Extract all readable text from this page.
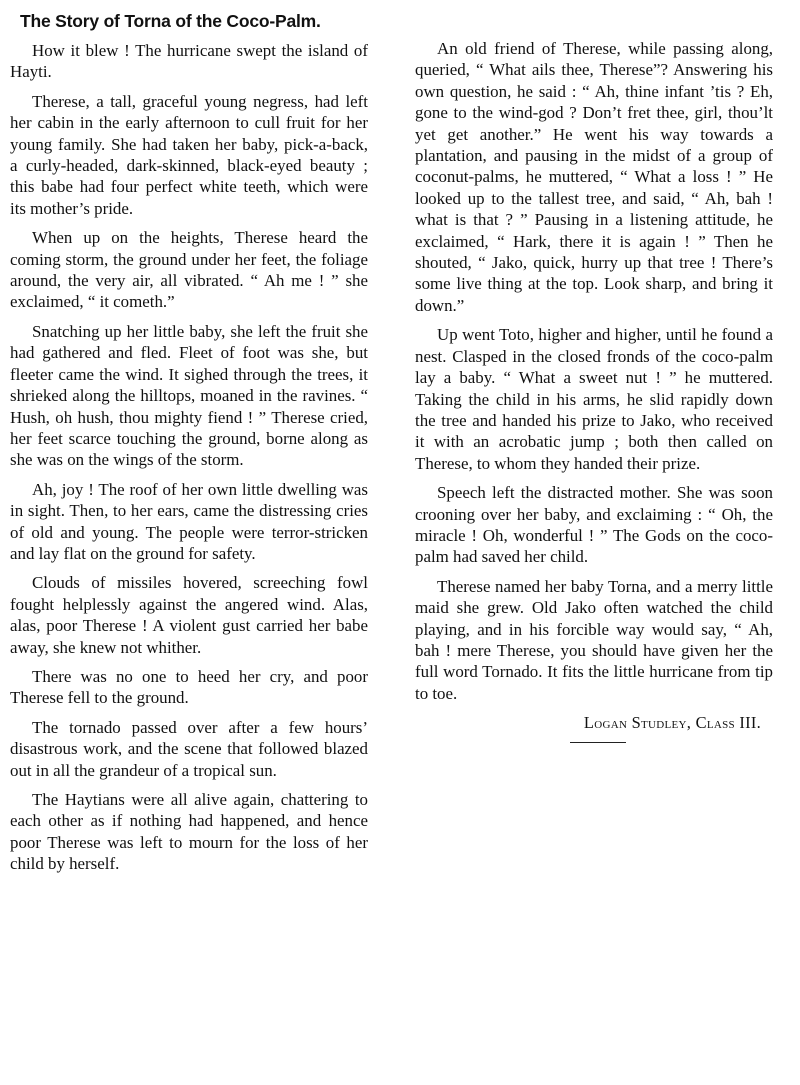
The Story of Torna of the Coco-Palm.

How it blew ! The hurricane swept the island of Hayti.

Therese, a tall, graceful young negress, had left her cabin in the early afternoon to cull fruit for her young family. She had taken her baby, pick-a-back, a curly-headed, dark-skinned, black-eyed beauty ; this babe had four perfect white teeth, which were its mother’s pride.

When up on the heights, Therese heard the coming storm, the ground under her feet, the foliage around, the very air, all vibrated. “ Ah me ! ” she exclaimed, “ it cometh.”

Snatching up her little baby, she left the fruit she had gathered and fled. Fleet of foot was she, but fleeter came the wind. It sighed through the trees, it shrieked along the hilltops, moaned in the ravines. “ Hush, oh hush, thou mighty fiend ! ” Therese cried, her feet scarce touching the ground, borne along as she was on the wings of the storm.

Ah, joy ! The roof of her own little dwelling was in sight. Then, to her ears, came the distressing cries of old and young. The people were terror-stricken and lay flat on the ground for safety.

Clouds of missiles hovered, screeching fowl fought helplessly against the angered wind. Alas, alas, poor Therese ! A violent gust carried her babe away, she knew not whither.

There was no one to heed her cry, and poor Therese fell to the ground.

The tornado passed over after a few hours’ disastrous work, and the scene that followed blazed out in all the grandeur of a tropical sun.

The Haytians were all alive again, chattering to each other as if nothing had happened, and hence poor Therese was left to mourn for the loss of her child by herself.

An old friend of Therese, while passing along, queried, “ What ails thee, Therese”? Answering his own question, he said : “ Ah, thine infant ’tis ? Eh, gone to the wind-god ? Don’t fret thee, girl, thou’lt yet get another.” He went his way towards a plantation, and pausing in the midst of a group of coconut-palms, he muttered, “ What a loss ! ” He looked up to the tallest tree, and said, “ Ah, bah ! what is that ? ” Pausing in a listening attitude, he exclaimed, “ Hark, there it is again ! ” Then he shouted, “ Jako, quick, hurry up that tree ! There’s some live thing at the top. Look sharp, and bring it down.”

Up went Toto, higher and higher, until he found a nest. Clasped in the closed fronds of the coco-palm lay a baby. “ What a sweet nut ! ” he muttered. Taking the child in his arms, he slid rapidly down the tree and handed his prize to Jako, who received it with an acrobatic jump ; both then called on Therese, to whom they handed their prize.

Speech left the distracted mother. She was soon crooning over her baby, and exclaiming : “ Oh, the miracle ! Oh, wonderful ! ” The Gods on the coco-palm had saved her child.

Therese named her baby Torna, and a merry little maid she grew. Old Jako often watched the child playing, and in his forcible way would say, “ Ah, bah ! mere Therese, you should have given her the full word Tornado. It fits the little hurricane from tip to toe.

Logan Studley, Class III.
